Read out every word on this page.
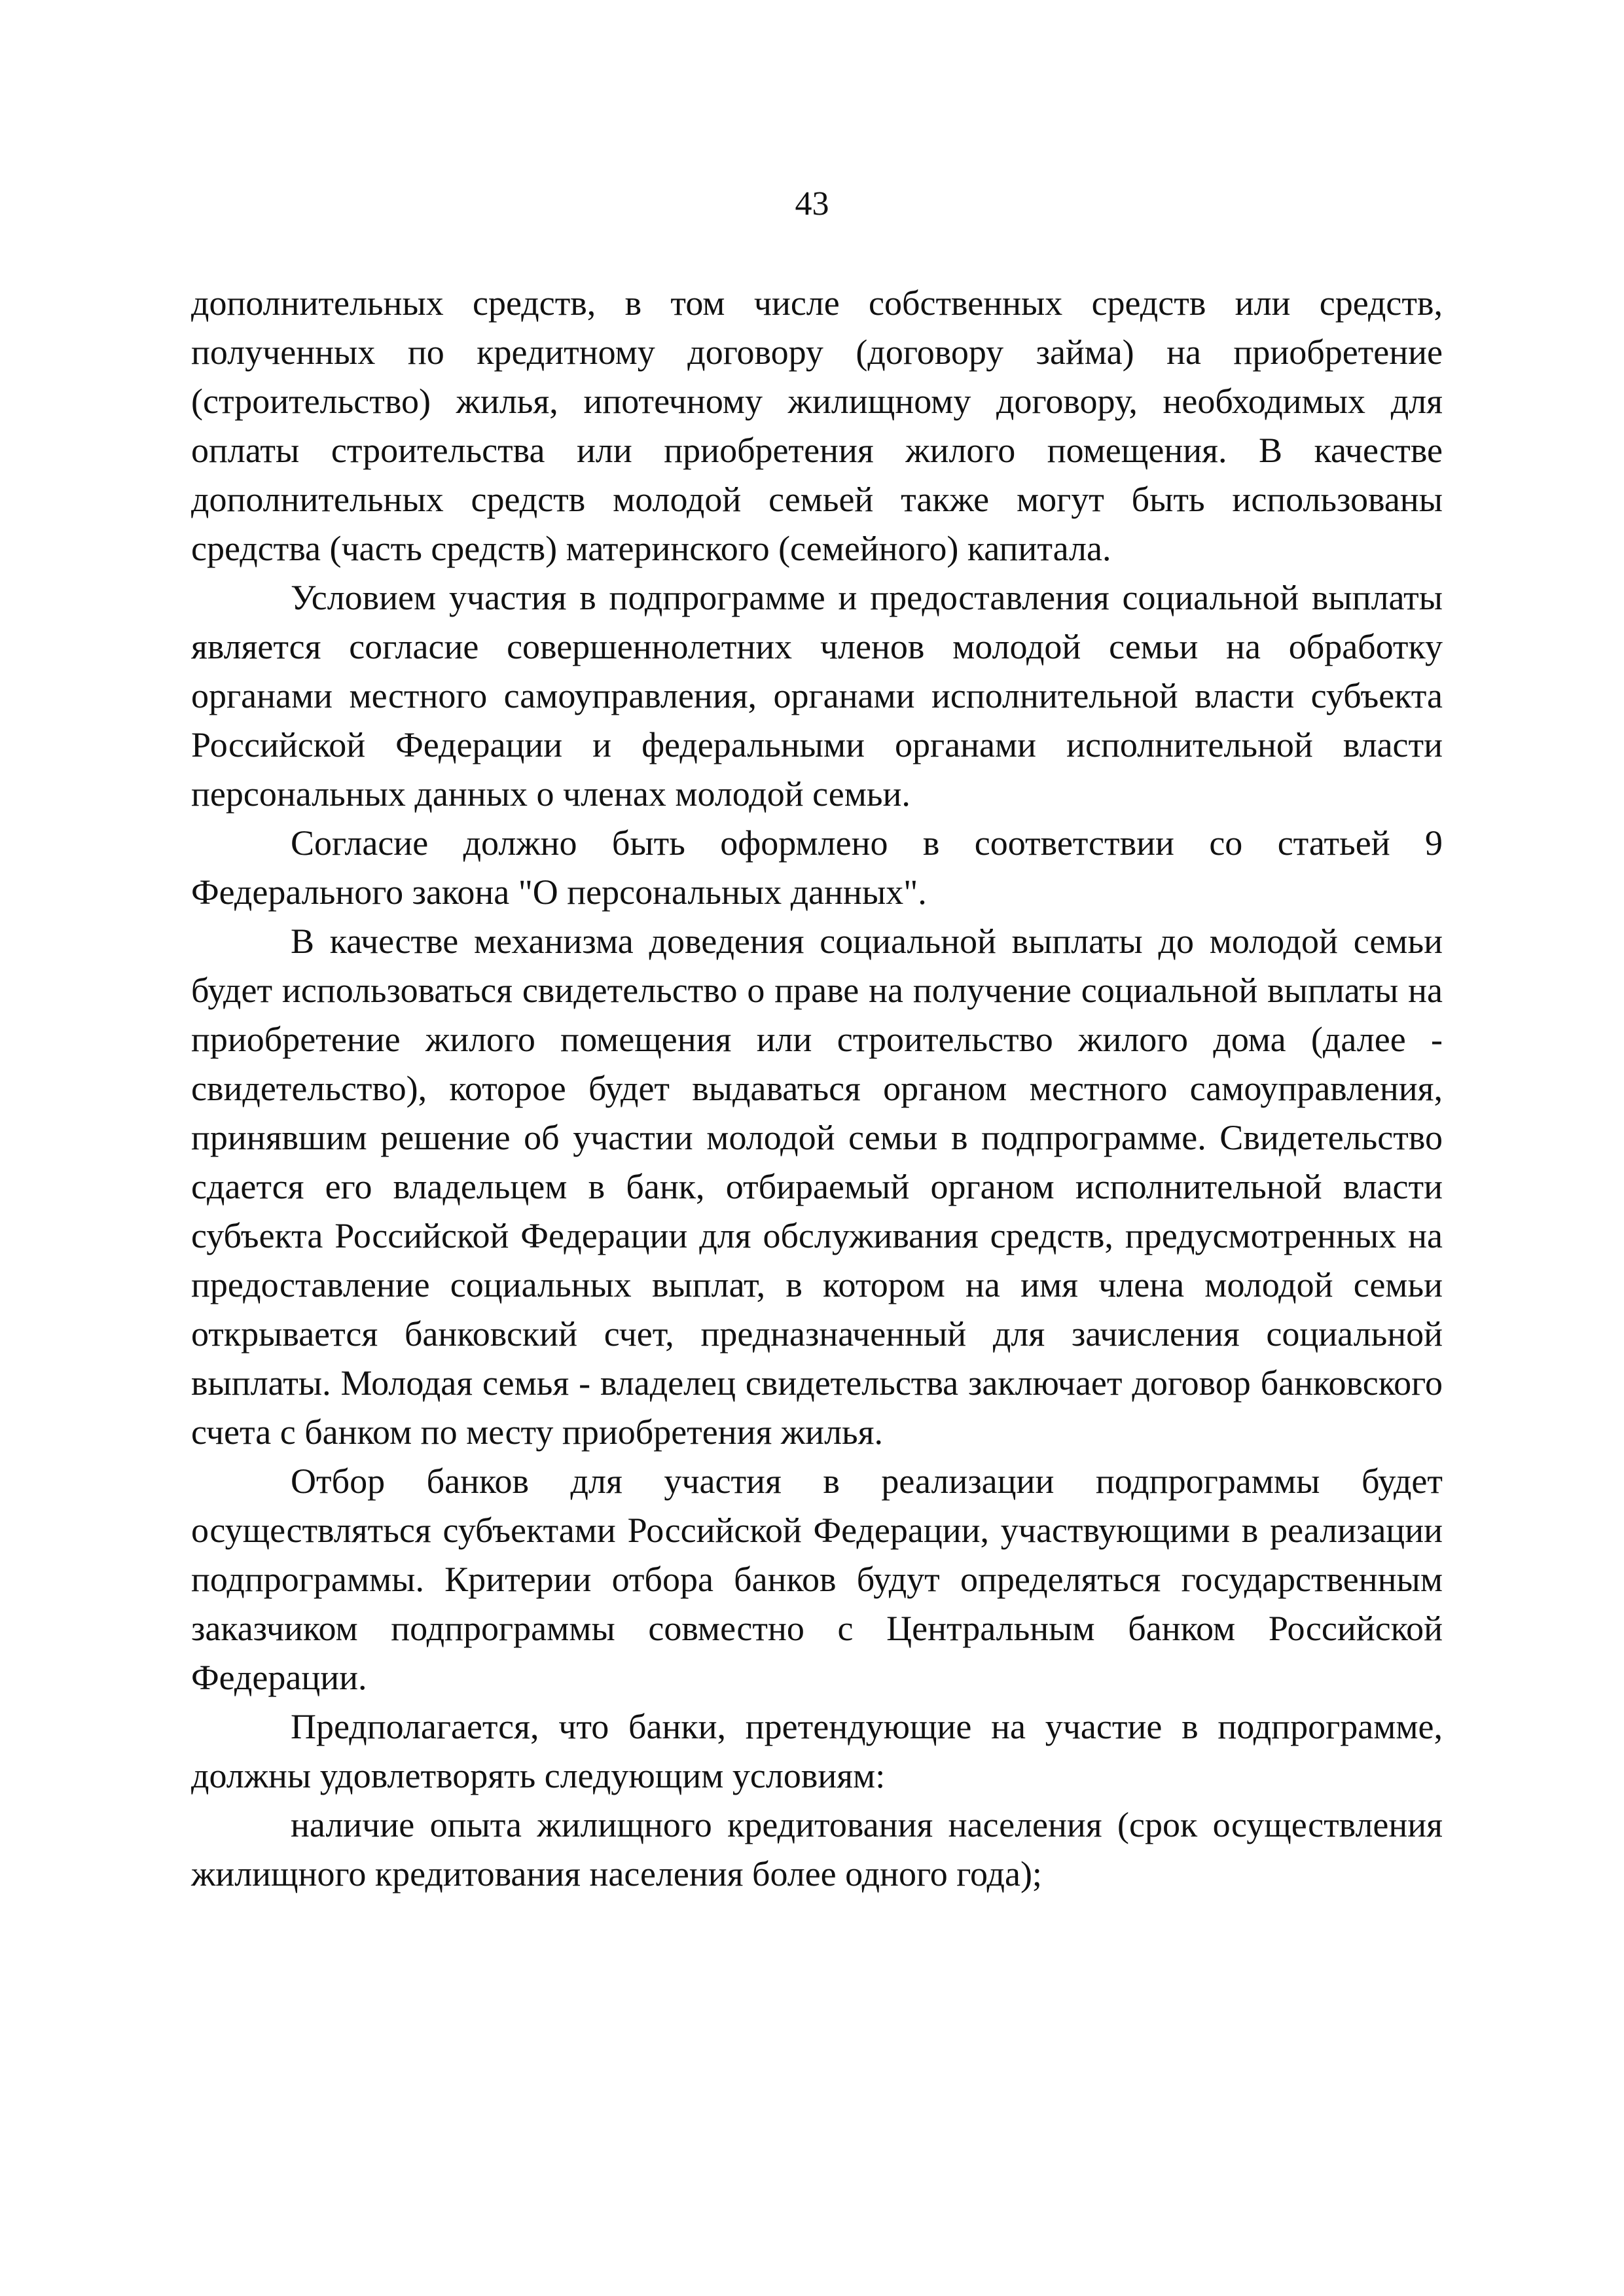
43

дополнительных средств, в том числе собственных средств или средств, полученных по кредитному договору (договору займа) на приобретение (строительство) жилья, ипотечному жилищному договору, необходимых для оплаты строительства или приобретения жилого помещения. В качестве дополнительных средств молодой семьей также могут быть использованы средства (часть средств) материнского (семейного) капитала.

Условием участия в подпрограмме и предоставления социальной выплаты является согласие совершеннолетних членов молодой семьи на обработку органами местного самоуправления, органами исполнительной власти субъекта Российской Федерации и федеральными органами исполнительной власти персональных данных о членах молодой семьи.

Согласие должно быть оформлено в соответствии со статьей 9 Федерального закона "О персональных данных".

В качестве механизма доведения социальной выплаты до молодой семьи будет использоваться свидетельство о праве на получение социальной выплаты на приобретение жилого помещения или строительство жилого дома (далее - свидетельство), которое будет выдаваться органом местного самоуправления, принявшим решение об участии молодой семьи в подпрограмме. Свидетельство сдается его владельцем в банк, отбираемый органом исполнительной власти субъекта Российской Федерации для обслуживания средств, предусмотренных на предоставление социальных выплат, в котором на имя члена молодой семьи открывается банковский счет, предназначенный для зачисления социальной выплаты. Молодая семья - владелец свидетельства заключает договор банковского счета с банком по месту приобретения жилья.

Отбор банков для участия в реализации подпрограммы будет осуществляться субъектами Российской Федерации, участвующими в реализации подпрограммы. Критерии отбора банков будут определяться государственным заказчиком подпрограммы совместно с Центральным банком Российской Федерации.

Предполагается, что банки, претендующие на участие в подпрограмме, должны удовлетворять следующим условиям:

наличие опыта жилищного кредитования населения (срок осуществления жилищного кредитования населения более одного года);
